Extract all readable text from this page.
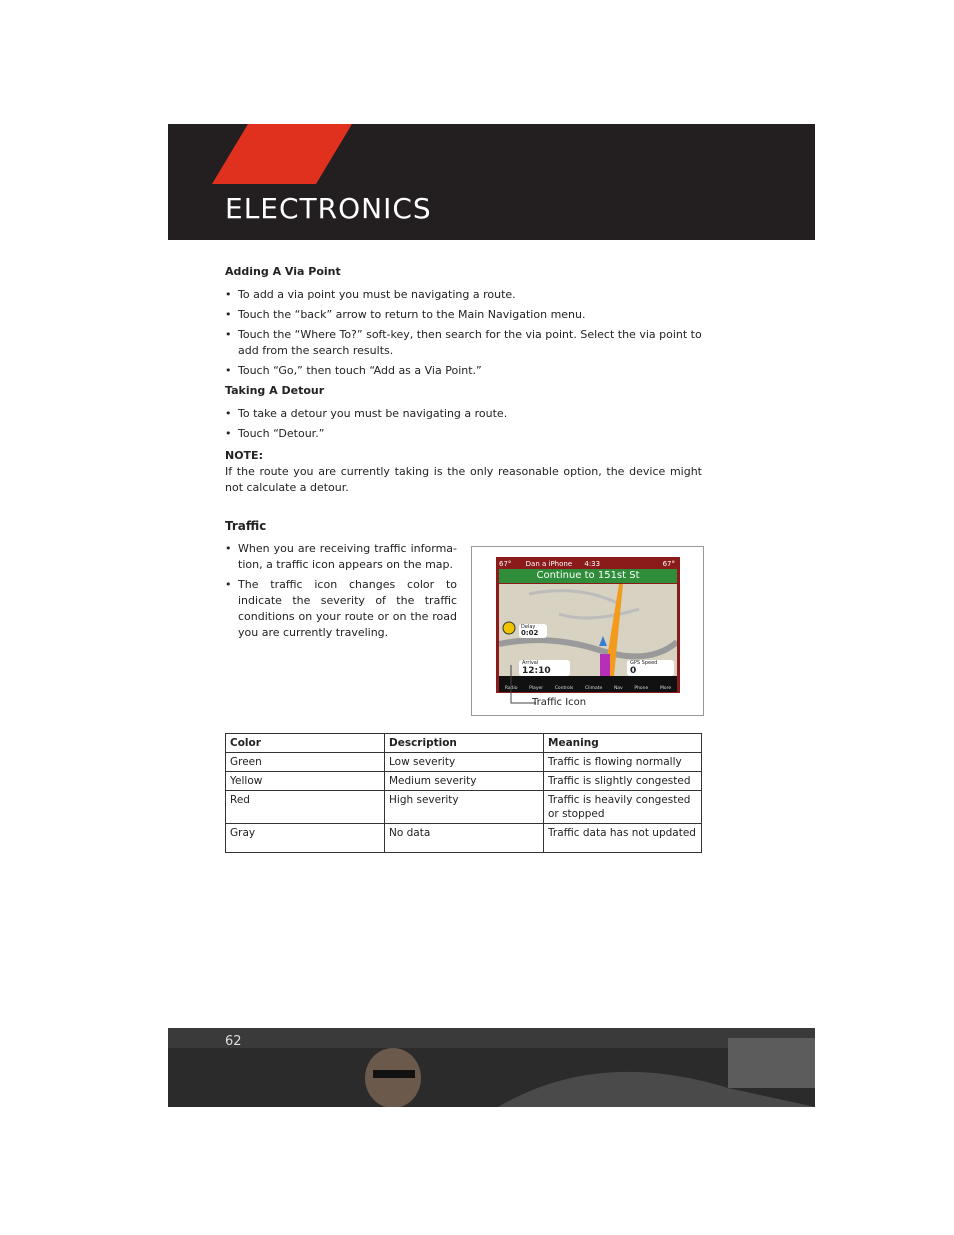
ELECTRONICS
Adding A Via Point
• To add a via point you must be navigating a route.
• Touch the “back” arrow to return to the Main Navigation menu.
• Touch the “Where To?” soft-key, then search for the via point. Select the via point to add from the search results.
• Touch “Go,” then touch “Add as a Via Point.”
Taking A Detour
• To take a detour you must be navigating a route.
• Touch “Detour.”
NOTE:
If the route you are currently taking is the only reasonable option, the device might not calculate a detour.
Traffic
• When you are receiving traffic informa-tion, a traffic icon appears on the map.
• The traffic icon changes color to indicate the severity of the traffic conditions on your route or on the road you are currently traveling.
67° Dan a iPhone 4:33	67°
Continue to 151st St
Delay
0:02
Arrival
12:10
GPS Speed
0
Radio	Player	Controls	Climate	Nav	Phone	More
Traffic Icon
Color	Description	Meaning
Green	Low severity	Traffic is flowing normally
Yellow	Medium severity	Traffic is slightly congested
Red	High severity	Traffic is heavily congested or stopped
Gray	No data	Traffic data has not updated
62
